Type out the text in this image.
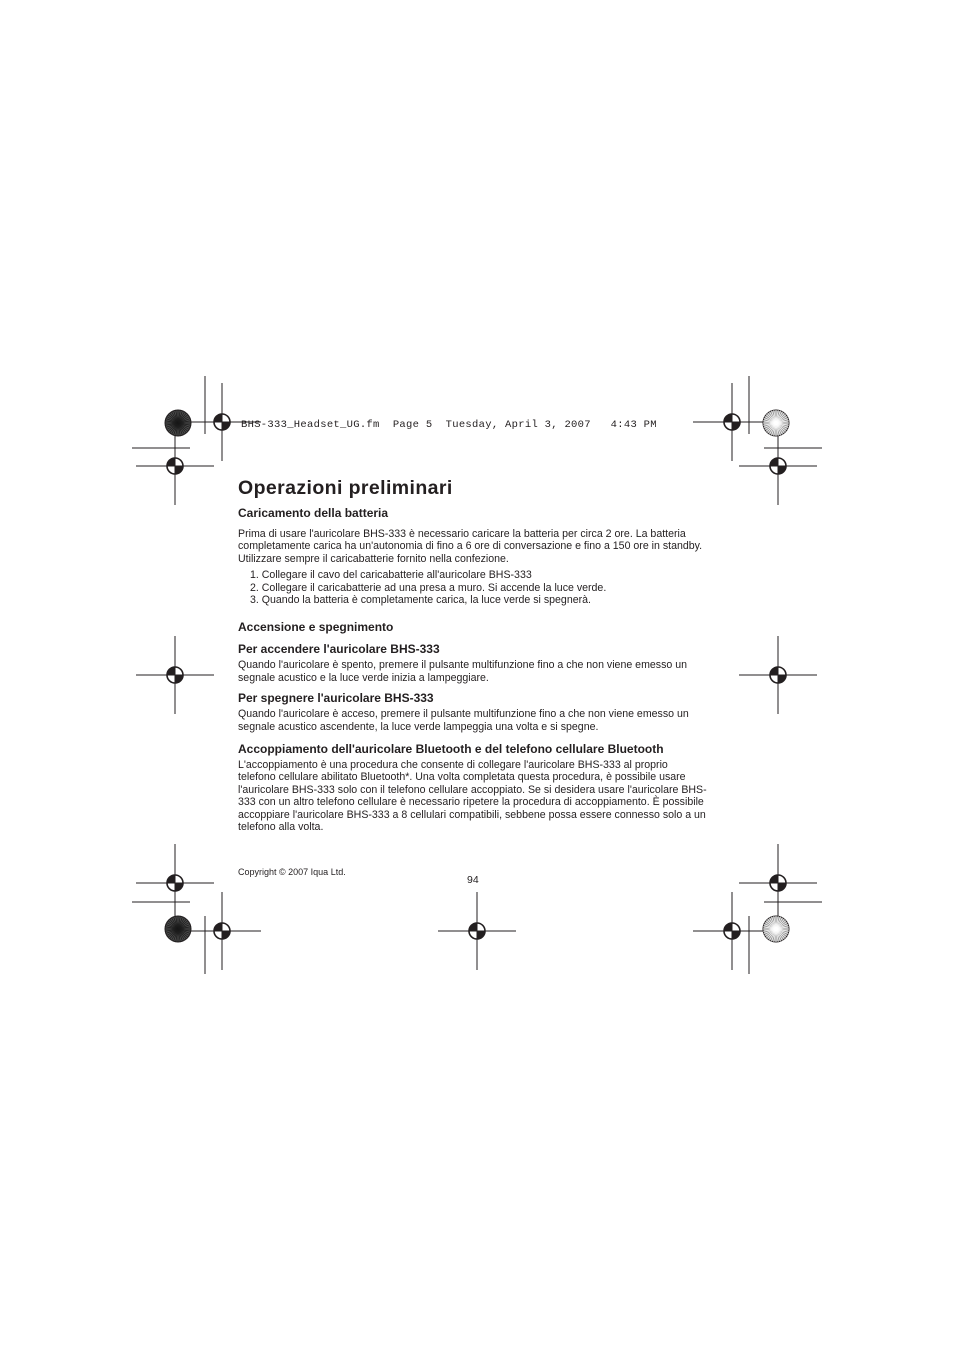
BHS-333_Headset_UG.fm  Page 5  Tuesday, April 3, 2007   4:43 PM
Operazioni preliminari
Caricamento della batteria

Prima di usare l'auricolare BHS-333 è necessario caricare la batteria per circa 2 ore. La batteria completamente carica ha un'autonomia di fino a 6 ore di conversazione e fino a 150 ore in standby.

Utilizzare sempre il caricabatterie fornito nella confezione.

1. Collegare il cavo del caricabatterie all'auricolare BHS-333
2. Collegare il caricabatterie ad una presa a muro. Si accende la luce verde.
3. Quando la batteria è completamente carica, la luce verde si spegnerà.
Accensione e spegnimento
Per accendere l'auricolare BHS-333

Quando l'auricolare è spento, premere il pulsante multifunzione fino a che non viene emesso un segnale acustico e la luce verde inizia a lampeggiare.

Per spegnere l'auricolare BHS-333

Quando l'auricolare è acceso, premere il pulsante multifunzione fino a che non viene emesso un segnale acustico ascendente, la luce verde lampeggia una volta e si spegne.

Accoppiamento dell'auricolare Bluetooth e del telefono cellulare Bluetooth

L'accoppiamento è una procedura che consente di collegare l'auricolare BHS-333 al proprio telefono cellulare abilitato Bluetooth*. Una volta completata questa procedura, è possibile usare l'auricolare BHS-333 solo con il telefono cellulare accoppiato. Se si desidera usare l'auricolare BHS-333 con un altro telefono cellulare è necessario ripetere la procedura di accoppiamento. È possibile accoppiare l'auricolare BHS-333 a 8 cellulari compatibili, sebbene possa essere connesso solo a un telefono alla volta.

Copyright © 2007 Iqua Ltd.
94
